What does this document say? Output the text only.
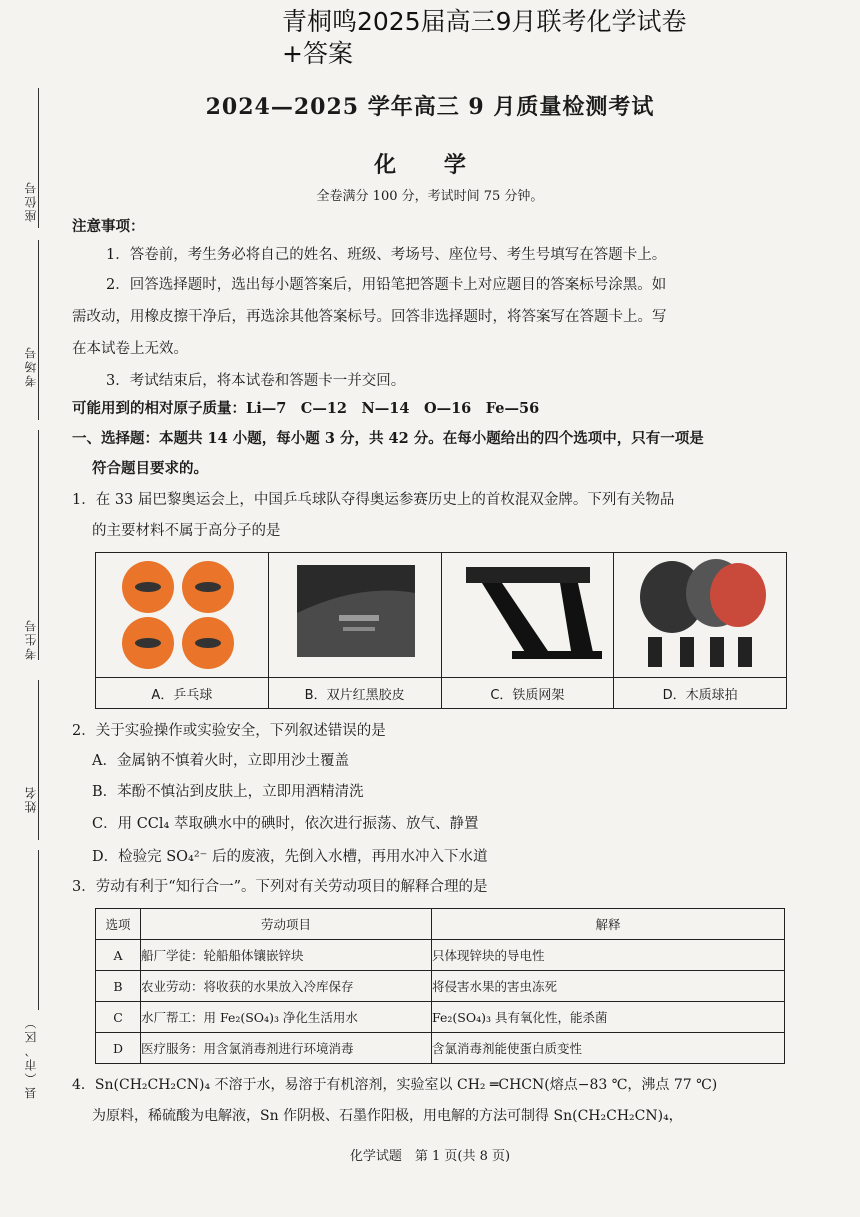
青桐鸣2025届高三9月联考化学试卷
+答案
座位号
考场号
考生号
姓名
县（市、区）
2024—2025 学年高三 9 月质量检测考试
化 学
全卷满分 100 分，考试时间 75 分钟。
注意事项：
1．答卷前，考生务必将自己的姓名、班级、考场号、座位号、考生号填写在答题卡上。
2．回答选择题时，选出每小题答案后，用铅笔把答题卡上对应题目的答案标号涂黑。如
需改动，用橡皮擦干净后，再选涂其他答案标号。回答非选择题时，将答案写在答题卡上。写
在本试卷上无效。
3．考试结束后，将本试卷和答题卡一并交回。
可能用到的相对原子质量：Li—7　C—12　N—14　O—16　Fe—56
一、选择题：本题共 14 小题，每小题 3 分，共 42 分。在每小题给出的四个选项中，只有一项是
符合题目要求的。
1．在 33 届巴黎奥运会上，中国乒乓球队夺得奥运参赛历史上的首枚混双金牌。下列有关物品
的主要材料不属于高分子的是

A．乒乓球	B．双片红黑胶皮	C．铁质网架	D．木质球拍
2．关于实验操作或实验安全，下列叙述错误的是
A．金属钠不慎着火时，立即用沙土覆盖
B．苯酚不慎沾到皮肤上，立即用酒精清洗
C．用 CCl₄ 萃取碘水中的碘时，依次进行振荡、放气、静置
D．检验完 SO₄²⁻ 后的废液，先倒入水槽，再用水冲入下水道
3．劳动有利于“知行合一”。下列对有关劳动项目的解释合理的是
选项	劳动项目	解释
A	船厂学徒：轮船船体镶嵌锌块	只体现锌块的导电性
B	农业劳动：将收获的水果放入冷库保存	将侵害水果的害虫冻死
C	水厂帮工：用 Fe₂(SO₄)₃ 净化生活用水	Fe₂(SO₄)₃ 具有氧化性，能杀菌
D	医疗服务：用含氯消毒剂进行环境消毒	含氯消毒剂能使蛋白质变性
4．Sn(CH₂CH₂CN)₄ 不溶于水，易溶于有机溶剂，实验室以 CH₂ ═CHCN(熔点−83 ℃，沸点 77 ℃)
为原料，稀硫酸为电解液，Sn 作阴极、石墨作阳极，用电解的方法可制得 Sn(CH₂CH₂CN)₄，
化学试题　第 1 页(共 8 页)
